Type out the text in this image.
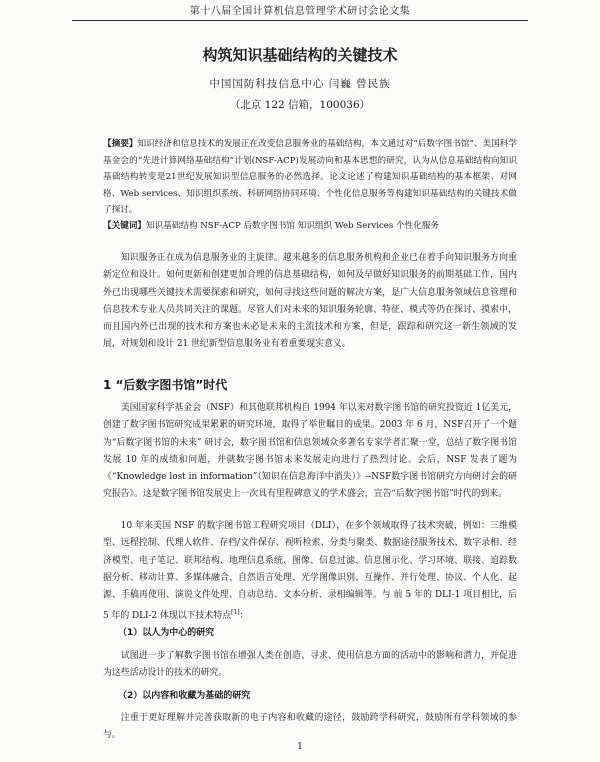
第十八届全国计算机信息管理学术研讨会论文集
构筑知识基础结构的关键技术
中国国防科技信息中心 闫巍 曾民族
（北京 122 信箱，100036）
【摘要】知识经济和信息技术的发展正在改变信息服务业的基础结构，本文通过对“后数字图书馆”、美国科学基金会的“先进计算网络基础结构”计划(NSF-ACP)发展动向和基本思想的研究，认为从信息基础结构向知识基础结构转变是21世纪发展知识型信息服务的必然选择。论文论述了构建知识基础结构的基本框架、对网格、Web services、知识组织系统、科研网络协同环境、个性化信息服务等构建知识基础结构的关键技术做了探讨。
【关键词】知识基础结构 NSF-ACP 后数字图书馆 知识组织 Web Services 个性化服务
知识服务正在成为信息服务业的主旋律。越来越多的信息服务机构和企业已在着手向知识服务方向重新定位和设计。如何更新和创建更加合理的信息基础结构，如何及早做好知识服务的前期基础工作，国内外已出现哪些关键技术需要探索和研究，如何寻找这些问题的解决方案，是广大信息服务领域信息管理和信息技术专业人员共同关注的课题。尽管人们对未来的知识服务轮廓、特征、模式等仍在探讨、摸索中，而且国内外已出现的技术和方案也未必是未来的主流技术和方案，但是，跟踪和研究这一新生领域的发展，对规划和设计 21 世纪新型信息服务业有着重要现实意义。
1 “后数字图书馆”时代
美国国家科学基金会（NSF）和其他联邦机构自 1994 年以来对数字图书馆的研究投资近 1亿美元，创建了数字图书馆研究成果累累的研究环境，取得了举世瞩目的成果。2003 年 6 月，NSF召开了一个题为“后数字图书馆的未来” 研讨会，数字图书馆和信息领域众多著名专家学者汇聚一堂，总结了数字图书馆发展 10 年的成绩和问题，并就数字图书馆未来发展走向进行了热烈讨论。会后，NSF 发表了题为《“Knowledge lost in information”（知识在信息海洋中消失）》--NSF数字图书馆研究方向研讨会的研究报告》。这是数字图书馆发展史上一次具有里程碑意义的学术盛会，宣告“后数字图书馆”时代的到来。
10 年来美国 NSF 的数字图书馆工程研究项目（DLI），在多个领域取得了技术突破，例如：三维模型、远程控制、代理人软件、存档/文件保存、视听检索、分类与聚类、数据途径服务技术、数字录相、经济模型、电子笔记、联邦结构、地理信息系统、图像、信息过滤、信息图示化、学习环境、联接、追踪数据分析、移动计算、多媒体融合、自然语言处理、光学图像识别、互操作、并行处理、协议、个人化、起源、手稿再使用、演说文件处理、自动总结、文本分析、录相编辑等。与 前 5 年的 DLI-1 项目相比，后 5 年的 DLI-2 体现以下技术特点[1]：
（1）以人为中心的研究
试图进一步了解数字图书馆在增强人类在创造、寻求、使用信息方面的活动中的影响和潜力，并促进为这些活动设计的技术的研究。
（2）以内容和收藏为基础的研究
注重于更好理解并完善获取新的电子内容和收藏的途径，鼓励跨学科研究，鼓励所有学科领域的参与。
1
